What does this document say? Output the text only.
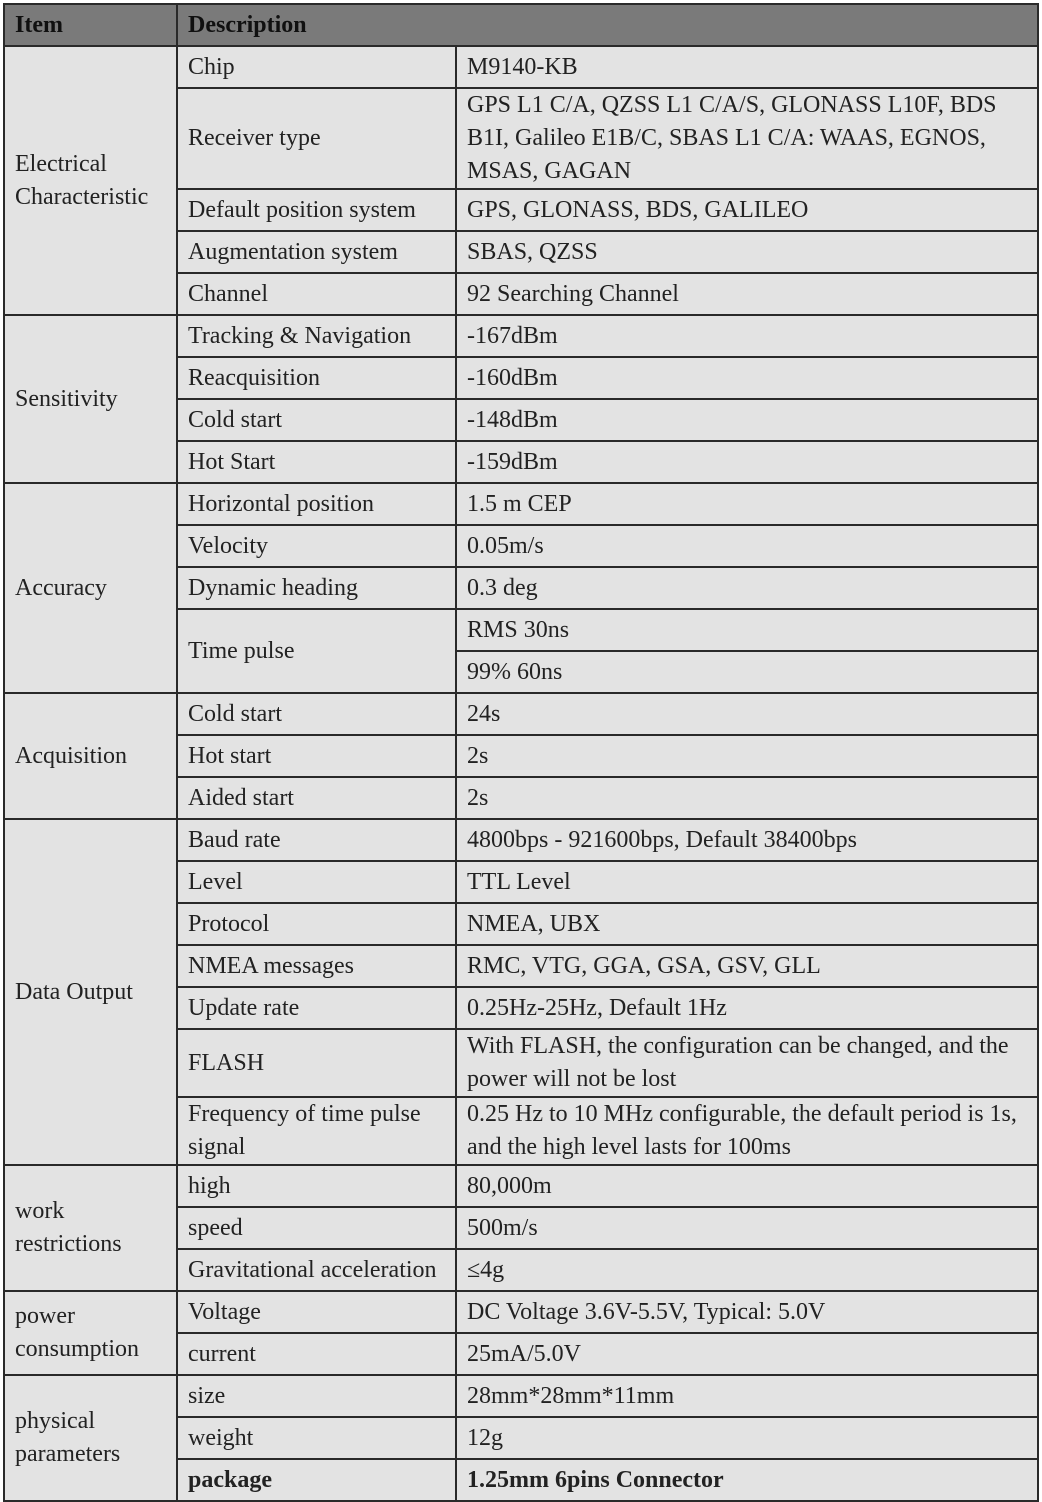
Item	Description	
Electrical Characteristic	Chip	M9140-KB
	Receiver type	GPS L1 C/A, QZSS L1 C/A/S, GLONASS L10F, BDS B1I, Galileo E1B/C, SBAS L1 C/A: WAAS, EGNOS, MSAS, GAGAN
	Default position system	GPS, GLONASS, BDS, GALILEO
	Augmentation system	SBAS, QZSS
	Channel	92 Searching Channel
Sensitivity	Tracking & Navigation	-167dBm
	Reacquisition	-160dBm
	Cold start	-148dBm
	Hot Start	-159dBm
Accuracy	Horizontal position	1.5 m CEP
	Velocity	0.05m/s
	Dynamic heading	0.3 deg
	Time pulse	RMS 30ns
		99% 60ns
Acquisition	Cold start	24s
	Hot start	2s
	Aided start	2s
Data Output	Baud rate	4800bps - 921600bps, Default 38400bps
	Level	TTL Level
	Protocol	NMEA, UBX
	NMEA messages	RMC, VTG, GGA, GSA, GSV, GLL
	Update rate	0.25Hz-25Hz, Default 1Hz
	FLASH	With FLASH, the configuration can be changed, and the power will not be lost
	Frequency of time pulse signal	0.25 Hz to 10 MHz configurable, the default period is 1s, and the high level lasts for 100ms
work restrictions	high	80,000m
	speed	500m/s
	Gravitational acceleration	≤4g
power consumption	Voltage	DC Voltage 3.6V-5.5V, Typical: 5.0V
	current	25mA/5.0V
physical parameters	size	28mm*28mm*11mm
	weight	12g
	package	1.25mm 6pins Connector
